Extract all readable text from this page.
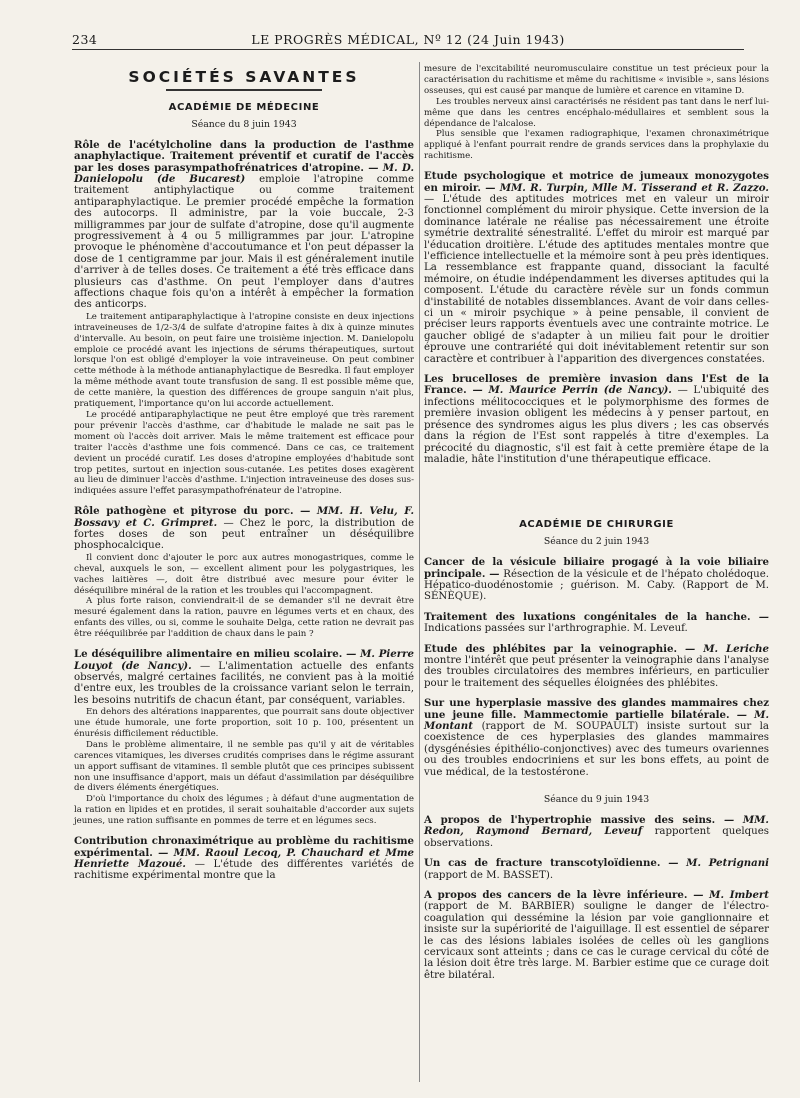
234	LE PROGRÈS MÉDICAL, Nº 12 (24 Juin 1943)
SOCIÉTÉS SAVANTES
ACADÉMIE DE MÉDECINE
Séance du 8 juin 1943
Rôle de l'acétylcholine dans la production de l'asthme anaphylactique. Traitement préventif et curatif de l'accès par les doses parasympathofrénatrices d'atropine. — M. D. Danielopolu (de Bucarest) emploie l'atropine comme traitement antiphylactique ou comme traitement antiparaphylactique. Le premier procédé empêche la formation des autocorps. Il administre, par la voie buccale, 2-3 milligrammes par jour de sulfate d'atropine, dose qu'il augmente progressivement à 4 ou 5 milligrammes par jour. L'atropine provoque le phénomène d'accoutumance et l'on peut dépasser la dose de 1 centigramme par jour. Mais il est généralement inutile d'arriver à de telles doses. Ce traitement a été très efficace dans plusieurs cas d'asthme. On peut l'employer dans d'autres affections chaque fois qu'on a intérêt à empêcher la formation des anticorps.

Le traitement antiparaphylactique à l'atropine consiste en deux injections intraveineuses de 1/2-3/4 de sulfate d'atropine faites à dix à quinze minutes d'intervalle. Au besoin, on peut faire une troisième injection. M. Danielopolu emploie ce procédé avant les injections de sérums thérapeutiques, surtout lorsque l'on est obligé d'employer la voie intraveineuse. On peut combiner cette méthode à la méthode antianaphylactique de Besredka. Il faut employer la même méthode avant toute transfusion de sang. Il est possible même que, de cette manière, la question des différences de groupe sanguin n'ait plus, pratiquement, l'importance qu'on lui accorde actuellement.

Le procédé antiparaphylactique ne peut être employé que très rarement pour prévenir l'accès d'asthme, car d'habitude le malade ne sait pas le moment où l'accès doit arriver. Mais le même traitement est efficace pour traiter l'accès d'asthme une fois commencé. Dans ce cas, ce traitement devient un procédé curatif. Les doses d'atropine employées d'habitude sont trop petites, surtout en injection sous-cutanée. Les petites doses exagèrent au lieu de diminuer l'accès d'asthme. L'injection intraveineuse des doses sus-indiquées assure l'effet parasympathofrénateur de l'atropine.

Rôle pathogène et pityrose du porc. — MM. H. Velu, F. Bossavy et C. Grimpret. — Chez le porc, la distribution de fortes doses de son peut entraîner un déséquilibre phosphocalcique.

Il convient donc d'ajouter le porc aux autres monogastriques, comme le cheval, auxquels le son, — excellent aliment pour les polygastriques, les vaches laitières —, doit être distribué avec mesure pour éviter le déséquilibre minéral de la ration et les troubles qui l'accompagnent.

A plus forte raison, conviendrait-il de se demander s'il ne devrait être mesuré également dans la ration, pauvre en légumes verts et en chaux, des enfants des villes, ou si, comme le souhaite Delga, cette ration ne devrait pas être rééquilibrée par l'addition de chaux dans le pain ?

Le déséquilibre alimentaire en milieu scolaire. — M. Pierre Louyot (de Nancy). — L'alimentation actuelle des enfants observés, malgré certaines facilités, ne convient pas à la moitié d'entre eux, les troubles de la croissance variant selon le terrain, les besoins nutritifs de chacun étant, par conséquent, variables.

En dehors des altérations inapparentes, que pourrait sans doute objectiver une étude humorale, une forte proportion, soit 10 p. 100, présentent un énurésis difficilement réductible.

Dans le problème alimentaire, il ne semble pas qu'il y ait de véritables carences vitamiques, les diverses crudités comprises dans le régime assurant un apport suffisant de vitamines. Il semble plutôt que ces principes subissent non une insuffisance d'apport, mais un défaut d'assimilation par déséquilibre de divers éléments énergétiques.

D'où l'importance du choix des légumes ; à défaut d'une augmentation de la ration en lipides et en protides, il serait souhaitable d'accorder aux sujets jeunes, une ration suffisante en pommes de terre et en légumes secs.

Contribution chronaximétrique au problème du rachitisme expérimental. — MM. Raoul Lecoq, P. Chauchard et Mme Henriette Mazoué. — L'étude des différentes variétés de rachitisme expérimental montre que la

mesure de l'excitabilité neuromusculaire constitue un test précieux pour la caractérisation du rachitisme et même du rachitisme « invisible », sans lésions osseuses, qui est causé par manque de lumière et carence en vitamine D.

Les troubles nerveux ainsi caractérisés ne résident pas tant dans le nerf lui-même que dans les centres encéphalo-médullaires et semblent sous la dépendance de l'alcalose.

Plus sensible que l'examen radiographique, l'examen chronaximétrique appliqué à l'enfant pourrait rendre de grands services dans la prophylaxie du rachitisme.

Etude psychologique et motrice de jumeaux monozygotes en miroir. — MM. R. Turpin, Mlle M. Tisserand et R. Zazzo. — L'étude des aptitudes motrices met en valeur un miroir fonctionnel complément du miroir physique. Cette inversion de la dominance latérale ne réalise pas nécessairement une étroite symétrie dextralité sénestralité. L'effet du miroir est marqué par l'éducation droitière. L'étude des aptitudes mentales montre que l'efficience intellectuelle et la mémoire sont à peu près identiques. La ressemblance est frappante quand, dissociant la faculté mémoire, on étudie indépendamment les diverses aptitudes qui la composent. L'étude du caractère révèle sur un fonds commun d'instabilité de notables dissemblances. Avant de voir dans celles-ci un « miroir psychique » à peine pensable, il convient de préciser leurs rapports éventuels avec une contrainte motrice. Le gaucher obligé de s'adapter à un milieu fait pour le droitier éprouve une contrariété qui doit inévitablement retentir sur son caractère et contribuer à l'apparition des divergences constatées.
Les brucelloses de première invasion dans l'Est de la France. — M. Maurice Perrin (de Nancy). — L'ubiquité des infections mélitococciques et le polymorphisme des formes de première invasion obligent les médecins à y penser partout, en présence des syndromes aigus les plus divers ; les cas observés dans la région de l'Est sont rappelés à titre d'exemples. La précocité du diagnostic, s'il est fait à cette première étape de la maladie, hâte l'institution d'une thérapeutique efficace.
ACADÉMIE DE CHIRURGIE
Séance du 2 juin 1943
Cancer de la vésicule biliaire progagé à la voie biliaire principale. — Résection de la vésicule et de l'hépato cholédoque. Hépatico-duodénostomie ; guérison. M. Caby. (Rapport de M. SÉNÈQUE).
Traitement des luxations congénitales de la hanche. — Indications passées sur l'arthrographie. M. Leveuf.
Etude des phlébites par la veinographie. — M. Leriche montre l'intérêt que peut présenter la veinographie dans l'analyse des troubles circulatoires des membres inférieurs, en particulier pour le traitement des séquelles éloignées des phlébites.
Sur une hyperplasie massive des glandes mammaires chez une jeune fille. Mammectomie partielle bilatérale. — M. Montant (rapport de M. SOUPAULT) insiste surtout sur la coexistence de ces hyperplasies des glandes mammaires (dysgénésies épithélio-conjonctives) avec des tumeurs ovariennes ou des troubles endocriniens et sur les bons effets, au point de vue médical, de la testostérone.
Séance du 9 juin 1943
A propos de l'hypertrophie massive des seins. — MM. Redon, Raymond Bernard, Leveuf rapportent quelques observations.
Un cas de fracture transcotyloïdienne. — M. Petrignani (rapport de M. BASSET).
A propos des cancers de la lèvre inférieure. — M. Imbert (rapport de M. BARBIER) souligne le danger de l'électro-coagulation qui dessémine la lésion par voie ganglionnaire et insiste sur la supériorité de l'aiguillage. Il est essentiel de séparer le cas des lésions labiales isolées de celles où les ganglions cervicaux sont atteints ; dans ce cas le curage cervical du côté de la lésion doit être très large. M. Barbier estime que ce curage doit être bilatéral.
